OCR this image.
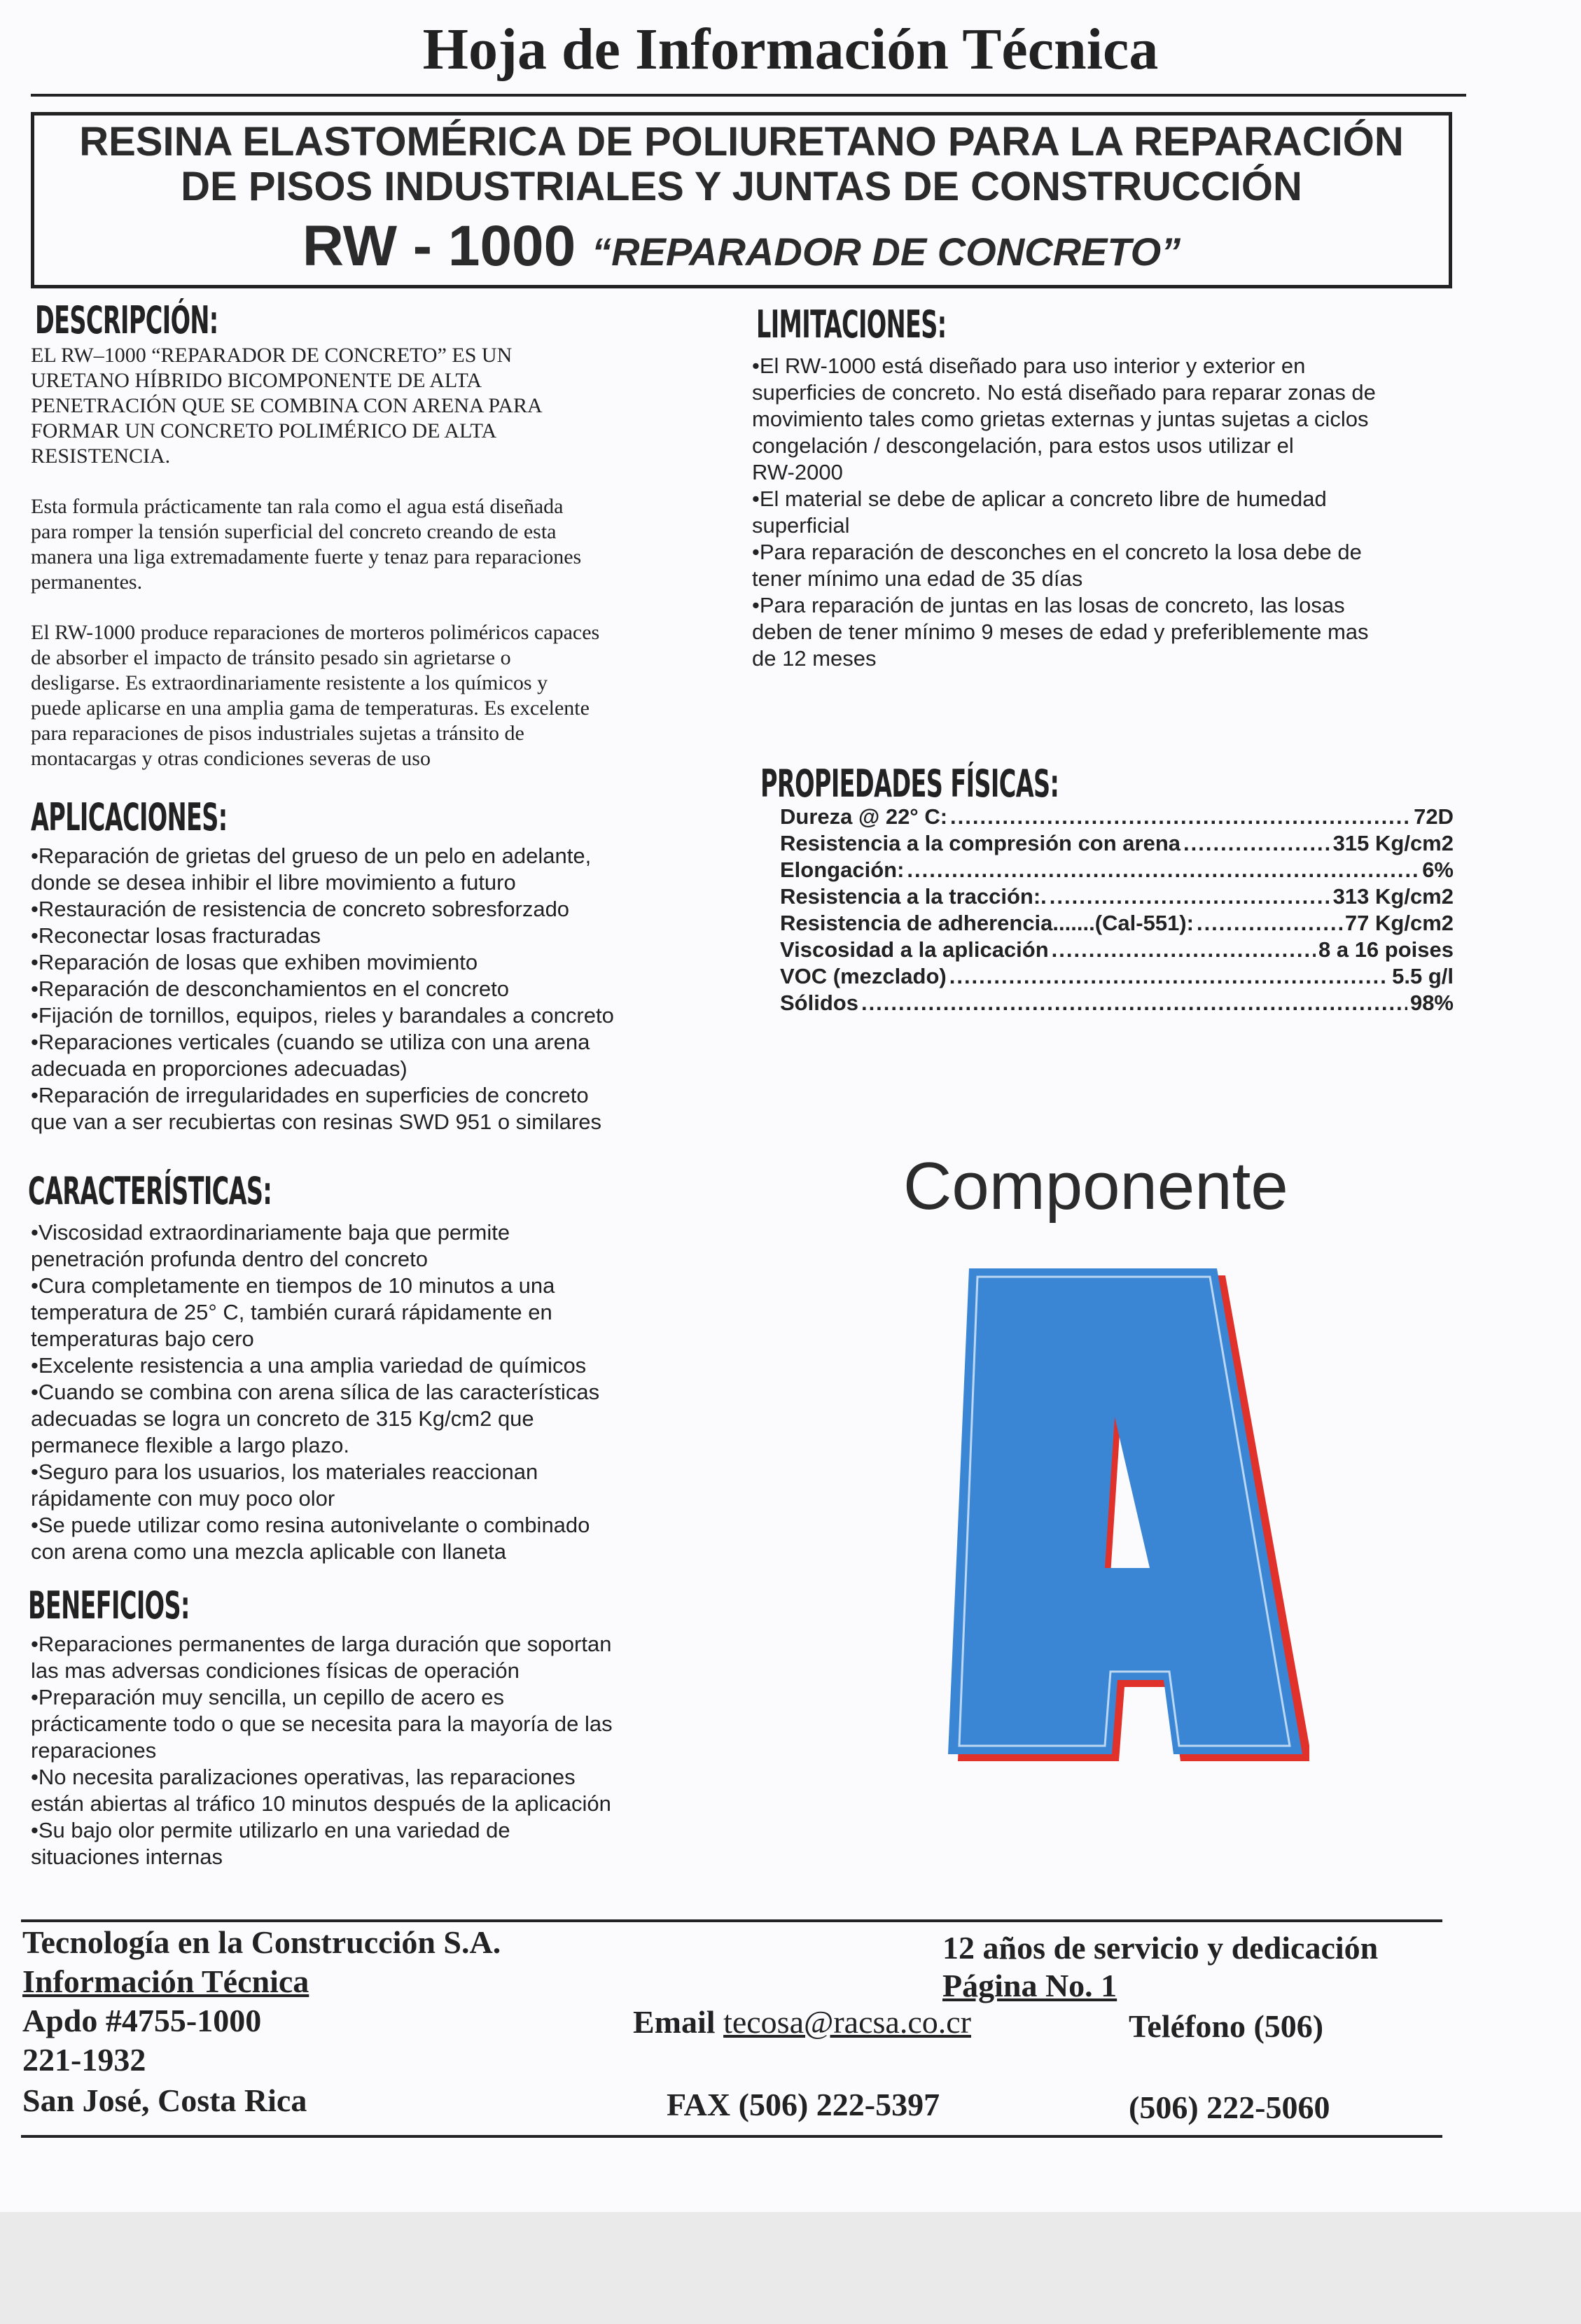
Hoja de Información Técnica
RESINA ELASTOMÉRICA DE POLIURETANO PARA LA REPARACIÓN
DE PISOS INDUSTRIALES Y JUNTAS DE CONSTRUCCIÓN
RW - 1000 “REPARADOR DE CONCRETO”
DESCRIPCIÓN:
EL RW–1000 “REPARADOR DE CONCRETO” ES UN
URETANO HÍBRIDO BICOMPONENTE DE ALTA
PENETRACIÓN QUE SE COMBINA CON ARENA PARA
FORMAR UN CONCRETO POLIMÉRICO DE ALTA
RESISTENCIA.
Esta formula prácticamente tan rala como el agua está diseñada
para romper la tensión superficial del concreto creando de esta
manera una liga extremadamente fuerte y tenaz para reparaciones
permanentes.
El RW-1000 produce reparaciones de morteros poliméricos capaces
de absorber el impacto de tránsito pesado sin agrietarse o
desligarse. Es extraordinariamente resistente a los químicos y
puede aplicarse en una amplia gama de temperaturas. Es excelente
para reparaciones de pisos industriales sujetas a tránsito de
montacargas y otras condiciones severas de uso
APLICACIONES:
•Reparación de grietas del grueso de un pelo en adelante,
donde se desea inhibir el libre movimiento a futuro
•Restauración de resistencia de concreto sobresforzado
•Reconectar losas fracturadas
•Reparación de losas que exhiben movimiento
•Reparación de desconchamientos en el concreto
•Fijación de tornillos, equipos, rieles y barandales a concreto
•Reparaciones verticales (cuando se utiliza con una arena
adecuada en proporciones adecuadas)
•Reparación de irregularidades en superficies de concreto
que van a ser recubiertas con resinas SWD 951 o similares
CARACTERÍSTICAS:
•Viscosidad extraordinariamente baja que permite
penetración profunda dentro del concreto
•Cura completamente en tiempos de 10 minutos a una
temperatura de 25° C, también curará rápidamente en
temperaturas bajo cero
•Excelente resistencia a una amplia variedad de químicos
•Cuando se combina con arena sílica de las características
adecuadas se logra un concreto de 315 Kg/cm2 que
permanece flexible a largo plazo.
•Seguro para los usuarios, los materiales reaccionan
rápidamente con muy poco olor
•Se puede utilizar como resina autonivelante o combinado
con arena como una mezcla aplicable con llaneta
BENEFICIOS:
•Reparaciones permanentes de larga duración que soportan
las mas adversas condiciones físicas de operación
•Preparación muy sencilla, un cepillo de acero es
prácticamente todo o que se necesita para la mayoría de las
reparaciones
•No necesita paralizaciones operativas, las reparaciones
están abiertas al tráfico 10 minutos después de la aplicación
•Su bajo olor permite utilizarlo en una variedad de
situaciones internas
LIMITACIONES:
•El RW-1000 está diseñado para uso interior y exterior en
superficies de concreto. No está diseñado para reparar zonas de
movimiento tales como grietas externas y juntas sujetas a ciclos
congelación / descongelación, para estos usos utilizar el
RW-2000
•El material se debe de aplicar a concreto libre de humedad
superficial
•Para reparación de desconches en el concreto la losa debe de
tener mínimo una edad de 35 días
•Para reparación de juntas en las losas de concreto, las losas
deben de tener mínimo 9 meses de edad y preferiblemente mas
de 12 meses
PROPIEDADES FÍSICAS:
Dureza @ 22° C: .....	72D
Resistencia a la compresión con arena .....	315 Kg/cm2
Elongación: .....	6%
Resistencia a la tracción:. .....	313 Kg/cm2
Resistencia de adherencia.......(Cal-551): .....	77 Kg/cm2
Viscosidad a la aplicación .....	8 a 16 poises
VOC (mezclado) .....	5.5 g/l
Sólidos .....	98%
Componente
Tecnología en la Construcción S.A.
Información Técnica
Apdo #4755-1000
221-1932
San José, Costa Rica
12 años de servicio y dedicación
Página No. 1
Email tecosa@racsa.co.cr
FAX (506) 222-5397
Teléfono (506)
(506) 222-5060
